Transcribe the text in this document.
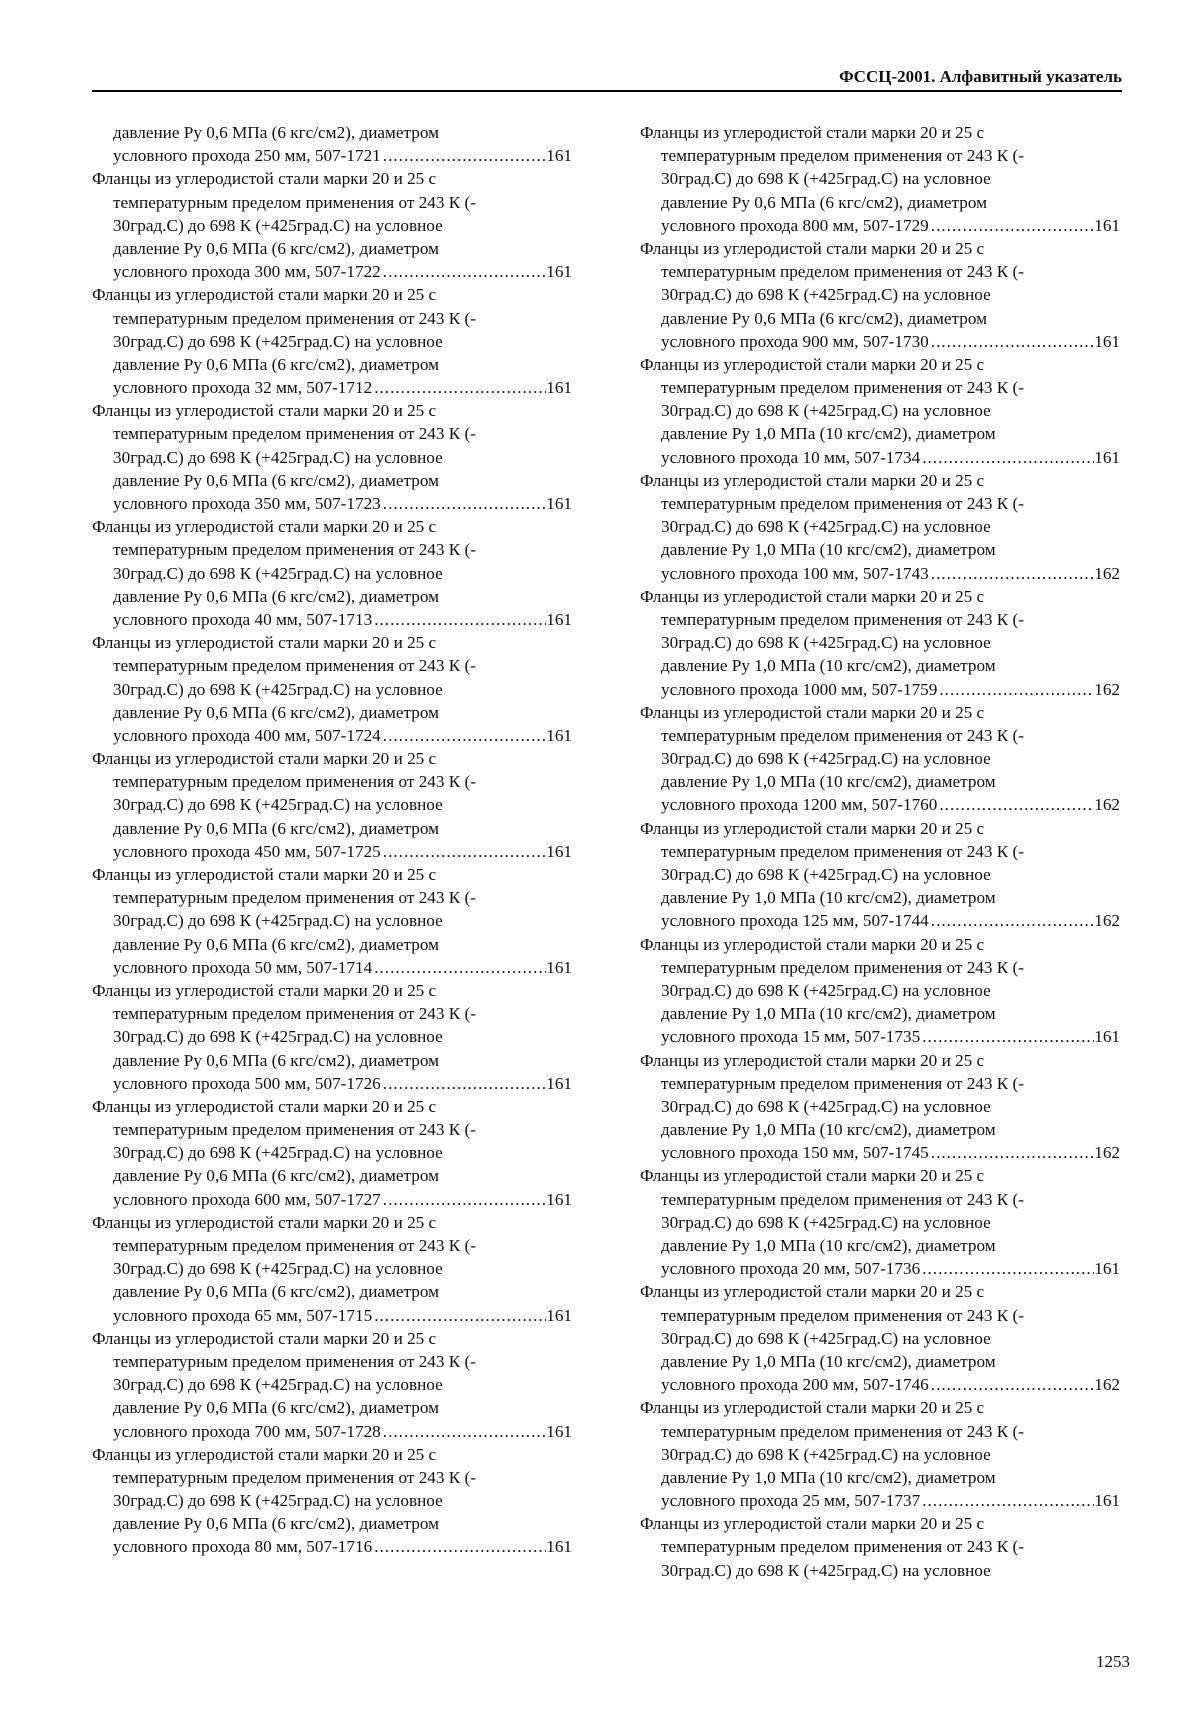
ФССЦ-2001. Алфавитный указатель
давление Ру 0,6 МПа (6 кгс/см2), диаметром
условного прохода 250 мм, 507-1721 .....	161
Фланцы из углеродистой стали марки 20 и 25 с
температурным пределом применения от 243 К (-
30град.С) до 698 К (+425град.С) на условное
давление Ру 0,6 МПа (6 кгс/см2), диаметром
условного прохода 300 мм, 507-1722 .....	161
Фланцы из углеродистой стали марки 20 и 25 с
температурным пределом применения от 243 К (-
30град.С) до 698 К (+425град.С) на условное
давление Ру 0,6 МПа (6 кгс/см2), диаметром
условного прохода 32 мм, 507-1712 .....	161
Фланцы из углеродистой стали марки 20 и 25 с
температурным пределом применения от 243 К (-
30град.С) до 698 К (+425град.С) на условное
давление Ру 0,6 МПа (6 кгс/см2), диаметром
условного прохода 350 мм, 507-1723 .....	161
Фланцы из углеродистой стали марки 20 и 25 с
температурным пределом применения от 243 К (-
30град.С) до 698 К (+425град.С) на условное
давление Ру 0,6 МПа (6 кгс/см2), диаметром
условного прохода 40 мм, 507-1713 .....	161
Фланцы из углеродистой стали марки 20 и 25 с
температурным пределом применения от 243 К (-
30град.С) до 698 К (+425град.С) на условное
давление Ру 0,6 МПа (6 кгс/см2), диаметром
условного прохода 400 мм, 507-1724 .....	161
Фланцы из углеродистой стали марки 20 и 25 с
температурным пределом применения от 243 К (-
30град.С) до 698 К (+425град.С) на условное
давление Ру 0,6 МПа (6 кгс/см2), диаметром
условного прохода 450 мм, 507-1725 .....	161
Фланцы из углеродистой стали марки 20 и 25 с
температурным пределом применения от 243 К (-
30град.С) до 698 К (+425град.С) на условное
давление Ру 0,6 МПа (6 кгс/см2), диаметром
условного прохода 50 мм, 507-1714 .....	161
Фланцы из углеродистой стали марки 20 и 25 с
температурным пределом применения от 243 К (-
30град.С) до 698 К (+425град.С) на условное
давление Ру 0,6 МПа (6 кгс/см2), диаметром
условного прохода 500 мм, 507-1726 .....	161
Фланцы из углеродистой стали марки 20 и 25 с
температурным пределом применения от 243 К (-
30град.С) до 698 К (+425град.С) на условное
давление Ру 0,6 МПа (6 кгс/см2), диаметром
условного прохода 600 мм, 507-1727 .....	161
Фланцы из углеродистой стали марки 20 и 25 с
температурным пределом применения от 243 К (-
30град.С) до 698 К (+425град.С) на условное
давление Ру 0,6 МПа (6 кгс/см2), диаметром
условного прохода 65 мм, 507-1715 .....	161
Фланцы из углеродистой стали марки 20 и 25 с
температурным пределом применения от 243 К (-
30град.С) до 698 К (+425град.С) на условное
давление Ру 0,6 МПа (6 кгс/см2), диаметром
условного прохода 700 мм, 507-1728 .....	161
Фланцы из углеродистой стали марки 20 и 25 с
температурным пределом применения от 243 К (-
30град.С) до 698 К (+425град.С) на условное
давление Ру 0,6 МПа (6 кгс/см2), диаметром
условного прохода 80 мм, 507-1716 .....	161
Фланцы из углеродистой стали марки 20 и 25 с
температурным пределом применения от 243 К (-
30град.С) до 698 К (+425град.С) на условное
давление Ру 0,6 МПа (6 кгс/см2), диаметром
условного прохода 800 мм, 507-1729 .....	161
Фланцы из углеродистой стали марки 20 и 25 с
температурным пределом применения от 243 К (-
30град.С) до 698 К (+425град.С) на условное
давление Ру 0,6 МПа (6 кгс/см2), диаметром
условного прохода 900 мм, 507-1730 .....	161
Фланцы из углеродистой стали марки 20 и 25 с
температурным пределом применения от 243 К (-
30град.С) до 698 К (+425град.С) на условное
давление Ру 1,0 МПа (10 кгс/см2), диаметром
условного прохода 10 мм, 507-1734 .....	161
Фланцы из углеродистой стали марки 20 и 25 с
температурным пределом применения от 243 К (-
30град.С) до 698 К (+425град.С) на условное
давление Ру 1,0 МПа (10 кгс/см2), диаметром
условного прохода 100 мм, 507-1743 .....	162
Фланцы из углеродистой стали марки 20 и 25 с
температурным пределом применения от 243 К (-
30град.С) до 698 К (+425град.С) на условное
давление Ру 1,0 МПа (10 кгс/см2), диаметром
условного прохода 1000 мм, 507-1759 .....	162
Фланцы из углеродистой стали марки 20 и 25 с
температурным пределом применения от 243 К (-
30град.С) до 698 К (+425град.С) на условное
давление Ру 1,0 МПа (10 кгс/см2), диаметром
условного прохода 1200 мм, 507-1760 .....	162
Фланцы из углеродистой стали марки 20 и 25 с
температурным пределом применения от 243 К (-
30град.С) до 698 К (+425град.С) на условное
давление Ру 1,0 МПа (10 кгс/см2), диаметром
условного прохода 125 мм, 507-1744 .....	162
Фланцы из углеродистой стали марки 20 и 25 с
температурным пределом применения от 243 К (-
30град.С) до 698 К (+425град.С) на условное
давление Ру 1,0 МПа (10 кгс/см2), диаметром
условного прохода 15 мм, 507-1735 .....	161
Фланцы из углеродистой стали марки 20 и 25 с
температурным пределом применения от 243 К (-
30град.С) до 698 К (+425град.С) на условное
давление Ру 1,0 МПа (10 кгс/см2), диаметром
условного прохода 150 мм, 507-1745 .....	162
Фланцы из углеродистой стали марки 20 и 25 с
температурным пределом применения от 243 К (-
30град.С) до 698 К (+425град.С) на условное
давление Ру 1,0 МПа (10 кгс/см2), диаметром
условного прохода 20 мм, 507-1736 .....	161
Фланцы из углеродистой стали марки 20 и 25 с
температурным пределом применения от 243 К (-
30град.С) до 698 К (+425град.С) на условное
давление Ру 1,0 МПа (10 кгс/см2), диаметром
условного прохода 200 мм, 507-1746 .....	162
Фланцы из углеродистой стали марки 20 и 25 с
температурным пределом применения от 243 К (-
30град.С) до 698 К (+425град.С) на условное
давление Ру 1,0 МПа (10 кгс/см2), диаметром
условного прохода 25 мм, 507-1737 .....	161
Фланцы из углеродистой стали марки 20 и 25 с
температурным пределом применения от 243 К (-
30град.С) до 698 К (+425град.С) на условное
1253
